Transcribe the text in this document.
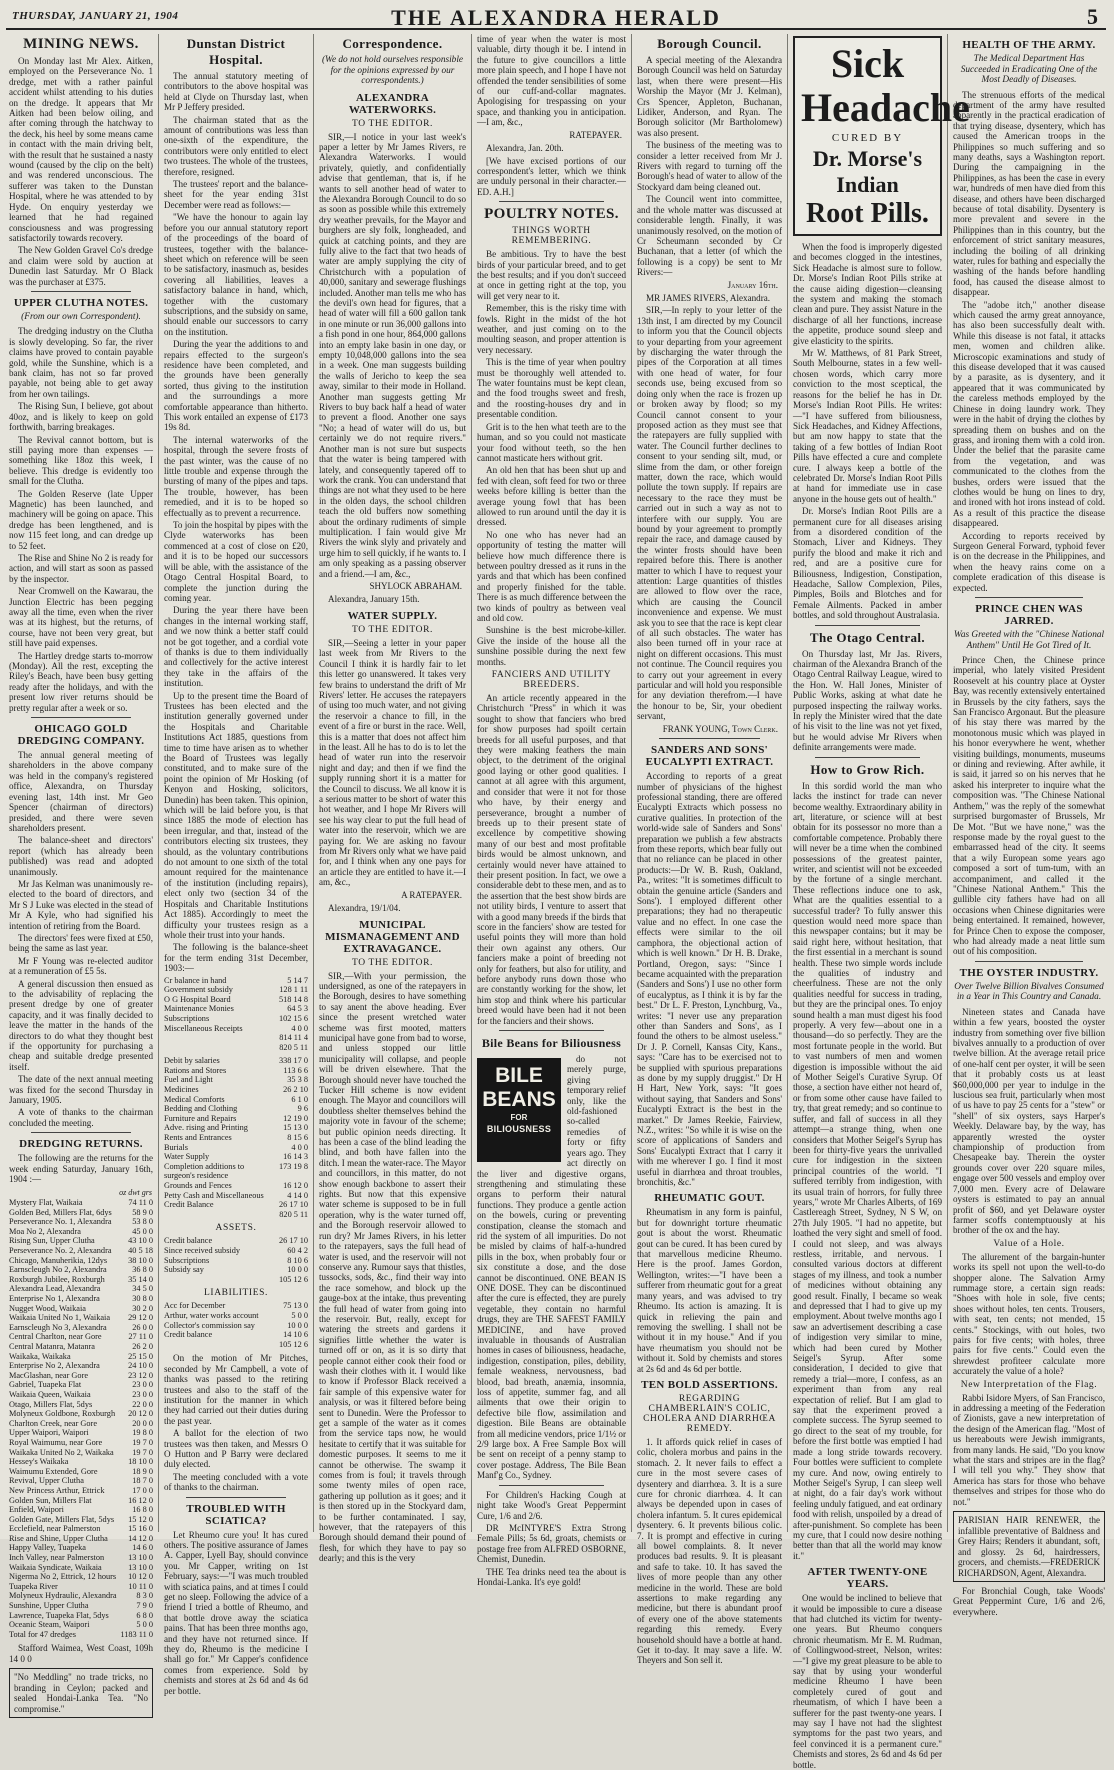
THURSDAY, JANUARY 21, 1904	THE ALEXANDRA HERALD	5
MINING NEWS.

On Monday last Mr Alex. Aitken, employed on the Perseverance No. 1 dredge, met with a rather painful accident whilst attending to his duties on the dredge. It appears that Mr Aitken had been below oiling, and after coming through the hatchway to the deck, his heel by some means came in contact with the main driving belt, with the result that he sustained a nasty wound (caused by the clip on the belt) and was rendered unconscious. The sufferer was taken to the Dunstan Hospital, where he was attended to by Hyde. On enquiry yesterday we learned that he had regained consciousness and was progressing satisfactorily towards recovery.

The New Golden Gravel Co's dredge and claim were sold by auction at Dunedin last Saturday. Mr O Black was the purchaser at £375.

UPPER CLUTHA NOTES.

(From our own Correspondent).

The dredging industry on the Clutha is slowly developing. So far, the river claims have proved to contain payable gold, while the Sunshine, which is a bank claim, has not so far proved payable, not being able to get away from her own tailings.

The Rising Sun, I believe, got about 40oz, and is likely to keep on gold forthwith, barring breakages.

The Revival cannot bottom, but is still paying more than expenses — something like 18oz this week, I believe. This dredge is evidently too small for the Clutha.

The Golden Reserve (late Upper Magnetic) has been launched, and machinery will be going on apace. This dredge has been lengthened, and is now 115 feet long, and can dredge up to 52 feet.

The Rise and Shine No 2 is ready for action, and will start as soon as passed by the inspector.

Near Cromwell on the Kawarau, the Junction Electric has been pegging away all the time, even when the river was at its highest, but the returns, of course, have not been very great, but still have paid expenses.

The Hartley dredge starts to-morrow (Monday). All the rest, excepting the Riley's Beach, have been busy getting ready after the holidays, and with the present low river returns should be pretty regular after a week or so.

OHICAGO GOLD DREDGING COMPANY.

The annual general meeting of shareholders in the above company was held in the company's registered office, Alexandra, on Thursday evening last, 14th inst. Mr Geo Spencer (chairman of directors) presided, and there were seven shareholders present.

The balance-sheet and directors' report (which has already been published) was read and adopted unanimously.

Mr Jas Kelman was unanimously re-elected to the board of directors, and Mr S J Luke was elected in the stead of Mr A Kyle, who had signified his intention of retiring from the Board.

The directors' fees were fixed at £50, being the same as last year.

Mr F Young was re-elected auditor at a remuneration of £5 5s.

A general discussion then ensued as to the advisability of replacing the present dredge by one of greater capacity, and it was finally decided to leave the matter in the hands of the directors to do what they thought best if the opportunity for purchasing a cheap and suitable dredge presented itself.

The date of the next annual meeting was fixed for the second Thursday in January, 1905.

A vote of thanks to the chairman concluded the meeting.

DREDGING RETURNS.

The following are the returns for the week ending Saturday, January 16th, 1904 :—

	oz dwt grs
Mystery Flat, Waikaia	74 11 0
Golden Bed, Millers Flat, 6dys	58 9 0
Perseverance No. 1, Alexandra	53 8 0
Moa No 2, Alexandra	45 0 0
Rising Sun, Upper Clutha	43 10 0
Perseverance No. 2, Alexandra	40 5 18
Chicago, Manuherikia, 12dys	38 10 0
Earnscleugh No 2, Alexandra	36 8 0
Roxburgh Jubilee, Roxburgh	35 14 0
Alexandra Lead, Alexandra	34 5 0
Enterprise No 1, Alexandra	30 8 0
Nugget Wood, Waikaia	30 2 0
Waikaia United No 1, Waikaia	29 12 0
Earnscleugh No 3, Alexandra	26 0 0
Central Charlton, near Gore	27 11 0
Central Matanra, Matanra	26 2 0
Waikaka, Waikaka	25 15 0
Enterprise No 2, Alexandra	24 10 0
MacGlashan, near Gore	23 12 0
Gabriel, Tuapeka Flat	23 0 0
Waikaia Queen, Waikaia	23 0 0
Otago, Millers Flat, 5dys	22 0 0
Molyneux Goldbone, Roxburgh	20 12 0
Charlton Creek, near Gore	20 0 0
Upper Waipori, Waipori	19 8 0
Royal Waimumu, near Gore	19 7 0
Waikaka United No 2, Waikaka	19 7 0
Hessey's Waikaka	18 10 0
Waimumu Extended, Gore	18 9 0
Revival, Upper Clutha	18 7 0
New Princess Arthur, Ettrick	17 0 0
Golden Sun, Millers Flat	16 12 0
Enfield, Waipori	16 8 0
Golden Gate, Millers Flat, 5dys	15 12 0
Ecclefield, near Palmerston	15 16 0
Rise and Shine, Upper Clutha	14 12 0
Happy Valley, Tuapeka	14 6 0
Inch Valley, near Palmerston	13 10 0
Waikaia Syndicate, Waikaia	13 10 0
Nigerma No 2, Ettrick, 12 hours	10 12 0
Tuapeka River	10 11 0
Molyneux Hydraulic, Alexandra	8 3 0
Sunshine, Upper Clutha	7 9 0
Lawrence, Tuapeka Flat, 5dys	6 8 0
Oceanic Steam, Waipori	5 0 0
Total for 47 dredges	1183 11 0

Stafford Waimea, West Coast, 109h 14 0 0

"No Meddling" no trade tricks, no branding in Ceylon; packed and sealed Hondai-Lanka Tea. "No compromise."

Dunstan District Hospital.

The annual statutory meeting of contributors to the above hospital was held at Clyde on Thursday last, when Mr P Jeffery presided.

The chairman stated that as the amount of contributions was less than one-sixth of the expenditure, the contributors were only entitled to elect two trustees. The whole of the trustees, therefore, resigned.

The trustees' report and the balance-sheet for the year ending 31st December were read as follows:—

"We have the honour to again lay before you our annual statutory report of the proceedings of the board of trustees, together with the balance-sheet which on reference will be seen to be satisfactory, inasmuch as, besides covering all liabilities, leaves a satisfactory balance in hand, which, together with the customary subscriptions, and the subsidy on same, should enable our successors to carry on the institution.

During the year the additions to and repairs effected to the surgeon's residence have been completed, and the grounds have been generally sorted, thus giving to the institution and the surroundings a more comfortable appearance than hitherto. This work entailed an expense of £173 19s 8d.

The internal waterworks of the hospital, through the severe frosts of the past winter, was the cause of no little trouble and expense through the bursting of many of the pipes and taps. The trouble, however, has been remedied, and it is to be hoped so effectually as to prevent a recurrence.

To join the hospital by pipes with the Clyde waterworks has been commenced at a cost of close on £20, and it is to be hoped our successors will be able, with the assistance of the Otago Central Hospital Board, to complete the junction during the coming year.

During the year there have been changes in the internal working staff, and we now think a better staff could not be got together, and a cordial vote of thanks is due to them individually and collectively for the active interest they take in the affairs of the institution.

Up to the present time the Board of Trustees has been elected and the institution generally governed under the Hospitals and Charitable Institutions Act 1885, questions from time to time have arisen as to whether the Board of Trustees was legally constituted, and to make sure of the point the opinion of Mr Hosking (of Kenyon and Hosking, solicitors, Dunedin) has been taken. This opinion, which will be laid before you, is that since 1885 the mode of election has been irregular, and that, instead of the contributors electing six trustees, they should, as the voluntary contributions do not amount to one sixth of the total amount required for the maintenance of the institution (including repairs), elect only two (section 34 of the Hospitals and Charitable Institutions Act 1885). Accordingly to meet the difficulty your trustees resign as a whole their trust into your hands.

The following is the balance-sheet for the term ending 31st December, 1903:—

Cr balance in hand	5 14 7
Government subsidy	128 1 11
O G Hospital Board	518 14 8
Maintenance Monies	64 5 3
Subscriptions	102 15 6
Miscellaneous Receipts	4 0 0
	814 11 4
	820 5 11
Debit by salaries	338 17 0
Rations and Stores	113 6 6
Fuel and Light	35 3 8
Medicines	26 2 10
Medical Comforts	6 1 0
Bedding and Clothing	9 6
Furniture and Repairs	12 19 0
Adve. rising and Printing	15 13 0
Rents and Entrances	8 15 6
Burials	4 0 0
Water Supply	16 14 3
Completion additions to surgeon's residence	173 19 8
Grounds and Fences	16 12 0
Petty Cash and Miscellaneous	4 14 0
Credit Balance	26 17 10
	820 5 11
ASSETS.
Credit balance	26 17 10
Since received subsidy	60 4 2
Subscriptions	8 10 6
Subsidy say	10 0 0
	105 12 6
LIABILITIES.
Acc for December	75 13 0
Arthur, water works account	5 0 0
Collector's commission say	10 0 0
Credit balance	14 10 6
	105 12 6

On the motion of Mr Pitches, seconded by Mr Campbell, a vote of thanks was passed to the retiring trustees and also to the staff of the institution for the manner in which they had carried out their duties during the past year.

A ballot for the election of two trustees was then taken, and Messrs O O Hutton and P Barry were declared duly elected.

The meeting concluded with a vote of thanks to the chairman.

TROUBLED WITH SCIATICA?

Let Rheumo cure you! It has cured others. The positive assurance of James A. Capper, Lyell Bay, should convince you. Mr Capper, writing on 1st February, says:—"I was much troubled with sciatica pains, and at times I could get no sleep. Following the advice of a friend I tried a bottle of Rheumo, and that bottle drove away the sciatica pains. That has been three months ago, and they have not returned since. If they do, Rheumo is the medicine I shall go for." Mr Capper's confidence comes from experience. Sold by chemists and stores at 2s 6d and 4s 6d per bottle.

Correspondence.

(We do not hold ourselves responsible for the opinions expressed by our correspondents.)

ALEXANDRA WATERWORKS.
TO THE EDITOR.

SIR,—I notice in your last week's paper a letter by Mr James Rivers, re Alexandra Waterworks. I would privately, quietly, and confidentially advise that gentleman, that is, if he wants to sell another head of water to the Alexandra Borough Council to do so as soon as possible while this extremely dry weather prevails, for the Mayor and burghers are sly folk, longheaded, and quick at catching points, and they are fully alive to the fact that two heads of water are amply supplying the city of Christchurch with a population of 40,000, sanitary and sewerage flushings included. Another man tells me who has the devil's own head for figures, that a head of water will fill a 600 gallon tank in one minute or run 36,000 gallons into a fish pond in one hour, 864,000 gallons into an empty lake basin in one day, or empty 10,048,000 gallons into the sea in a week. One man suggests building the walls of Jericho to keep the sea away, similar to their mode in Holland. Another man suggests getting Mr Rivers to buy back half a head of water to prevent a flood. Another one says "No; a head of water will do us, but certainly we do not require rivers." Another man is not sure but suspects that the water is being tampered with lately, and consequently tapered off to work the crank. You can understand that things are not what they used to be here in the olden days, the school children teach the old buffers now something about the ordinary rudiments of simple multiplication. I fain would give Mr Rivers the wink slyly and privately and urge him to sell quickly, if he wants to. I am only speaking as a passing observer and a friend.—I am, &c.,

SHYLOCK ABRAHAM.

Alexandra, January 15th.

WATER SUPPLY.
TO THE EDITOR.

SIR,—Seeing a letter in your paper last week from Mr Rivers to the Council I think it is hardly fair to let this letter go unanswered. It takes very few brains to understand the drift of Mr Rivers' letter. He accuses the ratepayers of using too much water, and not giving the reservoir a chance to fill, in the event of a fire or burst in the race. Well, this is a matter that does not affect him in the least. All he has to do is to let the head of water run into the reservoir night and day; and then if we find the supply running short it is a matter for the Council to discuss. We all know it is a serious matter to be short of water this hot weather, and I hope Mr Rivers will see his way clear to put the full head of water into the reservoir, which we are paying for. We are asking no favour from Mr Rivers only what we have paid for, and I think when any one pays for an article they are entitled to have it.—I am, &c.,

A RATEPAYER.

Alexandra, 19/1/04.

MUNICIPAL MISMANAGEMENT AND EXTRAVAGANCE.
TO THE EDITOR.

SIR,—With your permission, the undersigned, as one of the ratepayers in the Borough, desires to have something to say anent the above heading. Ever since the present wretched water scheme was first mooted, matters municipal have gone from bad to worse, and unless stopped our little municipality will collapse, and people will be driven elsewhere. That the Borough should never have touched the Tucker Hill scheme is now evident enough. The Mayor and councillors will doubtless shelter themselves behind the majority vote in favour of the scheme; but public opinion needs directing. It has been a case of the blind leading the blind, and both have fallen into the ditch. I mean the water-race. The Mayor and councillors, in this matter, do not show enough backbone to assert their rights. But now that this expensive water scheme is supposed to be in full operation, why is the water turned off, and the Borough reservoir allowed to run dry? Mr James Rivers, in his letter to the ratepayers, says the full head of water is used, and the reservoir will not conserve any. Rumour says that thistles, tussocks, sods, &c., find their way into the race somehow, and block up the gauge-box at the intake, thus preventing the full head of water from going into the reservoir. But, really, except for watering the streets and gardens it signifies little whether the water is turned off or on, as it is so dirty that people cannot either cook their food or wash their clothes with it. I would like to know if Professor Black received a fair sample of this expensive water for analysis, or was it filtered before being sent to Dunedin. Were the Professor to get a sample of the water as it comes from the service taps now, he would hesitate to certify that it was suitable for domestic purposes. It seems to me it cannot be otherwise. The swamp it comes from is foul; it travels through some twenty miles of open race, gathering up pollution as it goes; and it is then stored up in the Stockyard dam, to be further contaminated. I say, however, that the ratepayers of this Borough should demand their pound of flesh, for which they have to pay so dearly; and this is the very

time of year when the water is most valuable, dirty though it be. I intend in the future to give councillors a little more plain speech, and I hope I have not offended the tender sensibilities of some of our cuff-and-collar magnates. Apologising for trespassing on your space, and thanking you in anticipation.—I am, &c.,

RATEPAYER.

Alexandra, Jan. 20th.

[We have excised portions of our correspondent's letter, which we think are unduly personal in their character.—ED. A.H.]

POULTRY NOTES.
THINGS WORTH REMEMBERING.

Be ambitious. Try to have the best birds of your particular breed, and to get the best results; and if you don't succeed at once in getting right at the top, you will get very near to it.

Remember, this is the risky time with fowls. Right in the midst of the hot weather, and just coming on to the moulting season, and proper attention is very necessary.

This is the time of year when poultry must be thoroughly well attended to. The water fountains must be kept clean, and the food troughs sweet and fresh, and the roosting-houses dry and in presentable condition.

Grit is to the hen what teeth are to the human, and so you could not masticate your food without teeth, so the hen cannot masticate hers without grit.

An old hen that has been shut up and fed with clean, soft feed for two or three weeks before killing is better than the average young fowl that has been allowed to run around until the day it is dressed.

No one who has never had an opportunity of testing the matter will believe how much difference there is between poultry dressed as it runs in the yards and that which has been confined and properly finished for the table. There is as much difference between the two kinds of poultry as between veal and old cow.

Sunshine is the best microbe-killer. Give the inside of the house all the sunshine possible during the next few months.

FANCIERS AND UTILITY BREEDERS.

An article recently appeared in the Christchurch "Press" in which it was sought to show that fanciers who bred for show purposes had spoilt certain breeds for all useful purposes, and that they were making feathers the main object, to the detriment of the original good laying or other good qualities. I cannot at all agree with this argument, and consider that were it not for those who have, by their energy and perseverance, brought a number of breeds up to their present state of excellence by competitive showing many of our best and most profitable birds would be almost unknown, and certainly would never have attained to their present position. In fact, we owe a considerable debt to these men, and as to the assertion that the best show birds are not utility birds, I venture to assert that with a good many breeds if the birds that score in the fanciers' show are tested for useful points they will more than hold their own against any others. Our fanciers make a point of breeding not only for feathers, but also for utility, and before anybody runs down those who are constantly working for the show, let him stop and think where his particular breed would have been had it not been for the fanciers and their shows.

Bile Beans for Biliousness
BILE
BEANS
FOR
BILIOUSNESS

do not merely purge, giving temporary relief only, like the old-fashioned so-called remedies of forty or fifty years ago. They act directly on the liver and digestive organs, strengthening and stimulating these organs to perform their natural functions. They produce a gentle action on the bowels, curing or preventing constipation, cleanse the stomach and rid the system of all impurities. Do not be misled by claims of half-a-hundred pills in the box, when probably four or six constitute a dose, and the dose cannot be discontinued. ONE BEAN IS ONE DOSE. They can be discontinued after the cure is effected, they are purely vegetable, they contain no harmful drugs, they are THE SAFEST FAMILY MEDICINE, and have proved invaluable in thousands of Australian homes in cases of biliousness, headache, indigestion, constipation, piles, debility, female weakness, nervousness, bad blood, bad breath, anæmia, insomnia, loss of appetite, summer fag, and all ailments that owe their origin to defective bile flow, assimilation and digestion. Bile Beans are obtainable from all medicine vendors, price 1/1½ or 2/9 large box. A Free Sample Box will be sent on receipt of a penny stamp to cover postage. Address, The Bile Bean Manf'g Co., Sydney.

For Children's Hacking Cough at night take Wood's Great Peppermint Cure, 1/6 and 2/6.

DR McINTYRE'S Extra Strong Female Pills; 5s 6d, groats, chemists or postage free from ALFRED OSBORNE, Chemist, Dunedin.

THE Tea drinks need tea the about is Hondai-Lanka. It's eye gold!

Borough Council.

A special meeting of the Alexandra Borough Council was held on Saturday last, when there were present—His Worship the Mayor (Mr J. Kelman), Crs Spencer, Appleton, Buchanan, Lidiker, Anderson, and Ryan. The Borough solicitor (Mr Bartholomew) was also present.

The business of the meeting was to consider a letter received from Mr J. Rivers with regard to turning off the Borough's head of water to allow of the Stockyard dam being cleaned out.

The Council went into committee, and the whole matter was discussed at considerable length. Finally, it was unanimously resolved, on the motion of Cr Scheumann seconded by Cr Buchanan, that a letter (of which the following is a copy) be sent to Mr Rivers:—

January 16th.

MR JAMES RIVERS, Alexandra.

SIR,—In reply to your letter of the 13th inst, I am directed by my Council to inform you that the Council objects to your departing from your agreement by discharging the water through the pipes of the Corporation at all times with one head of water, for four seconds use, being excused from so doing only when the race is frozen up or broken away by flood; so my Council cannot consent to your proposed action as they must see that the ratepayers are fully supplied with water. The Council further declines to consent to your sending silt, mud, or slime from the dam, or other foreign matter, down the race, which would pollute the town supply. If repairs are necessary to the race they must be carried out in such a way as not to interfere with our supply. You are bound by your agreement to promptly repair the race, and damage caused by the winter frosts should have been repaired before this. There is another matter to which I have to request your attention: Large quantities of thistles are allowed to flow over the race, which are causing the Council inconvenience and expense. We must ask you to see that the race is kept clear of all such obstacles. The water has also been turned off in your race at night on different occasions. This must not continue. The Council requires you to carry out your agreement in every particular and will hold you responsible for any deviation therefrom.—I have the honour to be, Sir, your obedient servant,

FRANK YOUNG, Town Clerk.

SANDERS AND SONS' EUCALYPTI EXTRACT.

According to reports of a great number of physicians of the highest professional standing, there are offered Eucalypti Extracts which possess no curative qualities. In protection of the world-wide sale of Sanders and Sons' preparation we publish a few abstracts from these reports, which bear fully out that no reliance can be placed in other products:—Dr W. B. Rush, Oakland, Pa., writes: "It is sometimes difficult to obtain the genuine article (Sanders and Sons'). I employed different other preparations; they had no therapeutic value and no effect. In one case the effects were similar to the oil camphora, the objectional action of which is well known." Dr H. B. Drake, Portland, Oregon, says: "Since I became acquainted with the preparation (Sanders and Sons') I use no other form of eucalyptus, as I think it is by far the best." Dr L. F. Preston, Lynchburg, Va., writes: "I never use any preparation other than Sanders and Sons', as I found the others to be almost useless." Dr J. P. Cornell, Kansas City, Kans., says: "Care has to be exercised not to be supplied with spurious preparations as done by my supply druggist." Dr H H Hart, New York, says: "It goes without saying, that Sanders and Sons' Eucalypti Extract is the best in the market." Dr James Reekie, Fairview, N.Z., writes: "So while it is wise on the score of applications of Sanders and Sons' Eucalypti Extract that I carry it with me wherever I go. I find it most useful in diarrhœa and throat troubles, bronchitis, &c."

RHEUMATIC GOUT.

Rheumatism in any form is painful, but for downright torture rheumatic gout is about the worst. Rheumatic gout can be cured. It has been cured by that marvellous medicine Rheumo. Here is the proof. James Gordon, Wellington, writes:—"I have been a sufferer from rheumatic gout for a great many years, and was advised to try Rheumo. Its action is amazing. It is quick in relieving the pain and removing the swelling. I shall not be without it in my house." And if you have rheumatism you should not be without it. Sold by chemists and stores at 2s 6d and 4s 6d per bottle.

TEN BOLD ASSERTIONS.
REGARDING CHAMBERLAIN'S COLIC, CHOLERA AND DIARRHŒA REMEDY.

1. It affords quick relief in cases of colic, cholera morbus and pains in the stomach. 2. It never fails to effect a cure in the most severe cases of dysentery and diarrhœa. 3. It is a sure cure for chronic diarrhœa. 4. It can always be depended upon in cases of cholera infantum. 5. It cures epidemical dysentery. 6. It prevents bilious colic. 7. It is prompt and effective in curing all bowel complaints. 8. It never produces bad results. 9. It is pleasant and safe to take. 10. It has saved the lives of more people than any other medicine in the world. These are bold assertions to make regarding any medicine, but there is abundant proof of every one of the above statements regarding this remedy. Every household should have a bottle at hand. Get it to-day. It may save a life. W. Theyers and Son sell it.

Sick Headache
CURED BY
Dr. Morse's Indian
Root Pills.

When the food is improperly digested and becomes clogged in the intestines, Sick Headache is almost sure to follow. Dr. Morse's Indian Root Pills strike at the cause aiding digestion—cleansing the system and making the stomach clean and pure. They assist Nature in the discharge of all her functions, increase the appetite, produce sound sleep and give elasticity to the spirits.

Mr W. Matthews, of 81 Park Street, South Melbourne, states in a few well-chosen words, which carry more conviction to the most sceptical, the reasons for the belief he has in Dr. Morse's Indian Root Pills. He writes:—"I have suffered from biliousness, Sick Headaches, and Kidney Affections, but am now happy to state that the taking of a few bottles of Indian Root Pills have effected a cure and complete cure. I always keep a bottle of the celebrated Dr. Morse's Indian Root Pills at hand for immediate use in case anyone in the house gets out of health."

Dr. Morse's Indian Root Pills are a permanent cure for all diseases arising from a disordered condition of the Stomach, Liver and Kidneys. They purify the blood and make it rich and red, and are a positive cure for Biliousness, Indigestion, Constipation, Headache, Sallow Complexion, Piles, Pimples, Boils and Blotches and for Female Ailments. Packed in amber bottles, and sold throughout Australasia.

The Otago Central.

On Thursday last, Mr Jas. Rivers, chairman of the Alexandra Branch of the Otago Central Railway League, wired to the Hon. W. Hall Jones, Minister of Public Works, asking at what date he purposed inspecting the railway works. In reply the Minister wired that the date of his visit to the line was not yet fixed, but he would advise Mr Rivers when definite arrangements were made.

How to Grow Rich.

In this sordid world the man who lacks the instinct for trade can never become wealthy. Extraordinary ability in art, literature, or science will at best obtain for its possessor no more than a comfortable competence. Probably there will never be a time when the combined possessions of the greatest painter, writer, and scientist will not be exceeded by the fortune of a single merchant. These reflections induce one to ask, What are the qualities essential to a successful trader? To fully answer this question would need more space than this newspaper contains; but it may be said right here, without hesitation, that the first essential in a merchant is sound health. These two simple words include the qualities of industry and cheerfulness. These are not the only qualities needful for success in trading, but they are the principal ones. To enjoy sound health a man must digest his food properly. A very few—about one in a thousand—do so perfectly. They are the most fortunate people in the world. But to vast numbers of men and women digestion is impossible without the aid of Mother Seigel's Curative Syrup. Of those, a section have either not heard of, or from some other cause have failed to try, that great remedy; and so continue to suffer, and fall of success in all they attempt—a strange thing, when one considers that Mother Seigel's Syrup has been for thirty-five years the unrivalled cure for indigestion in the sixteen principal countries of the world. "I suffered terribly from indigestion, with its usual train of horrors, for fully three years," wrote Mr Charles Alberts, of 169 Castlereagh Street, Sydney, N S W, on 27th July 1905. "I had no appetite, but loathed the very sight and smell of food. I could not sleep, and was always restless, irritable, and nervous. I consulted various doctors at different stages of my illness, and took a number of medicines without obtaining any good result. Finally, I became so weak and depressed that I had to give up my employment. About twelve months ago I saw an advertisement describing a case of indigestion very similar to mine, which had been cured by Mother Seigel's Syrup. After some consideration, I decided to give that remedy a trial—more, I confess, as an experiment than from any real expectation of relief. But I am glad to say that the experiment proved a complete success. The Syrup seemed to go direct to the seat of my trouble, for before the first bottle was emptied I had made a long stride towards recovery. Four bottles were sufficient to complete my cure. And now, owing entirely to Mother Seigel's Syrup, I can sleep well at night, do a fair day's work without feeling unduly fatigued, and eat ordinary food with relish, unspoiled by a dread of after-punishment. So complete has been my cure, that I could now desire nothing better than that all the world may know it."

AFTER TWENTY-ONE YEARS.

One would be inclined to believe that it would be impossible to cure a disease that had clutched its victim for twenty-one years. But Rheumo conquers chronic rheumatism. Mr E. M. Rudman, of Collingwood-street, Nelson, writes:—"I give my great pleasure to be able to say that by using your wonderful medicine Rheumo I have been completely cured of gout and rheumatism, of which I have been a sufferer for the past twenty-one years. I may say I have not had the slightest symptoms for the past two years, and feel convinced it is a permanent cure." Chemists and stores, 2s 6d and 4s 6d per bottle.

HEALTH OF THE ARMY.

The Medical Department Has Succeeded in Eradicating One of the Most Deadly of Diseases.

The strenuous efforts of the medical department of the army have resulted apparently in the practical eradication of that trying disease, dysentery, which has caused the American troops in the Philippines so much suffering and so many deaths, says a Washington report. During the campaigning in the Philippines, as has been the case in every war, hundreds of men have died from this disease, and others have been discharged because of total disability. Dysentery is more prevalent and severe in the Philippines than in this country, but the enforcement of strict sanitary measures, including the boiling of all drinking water, rules for bathing and especially the washing of the hands before handling food, has caused the disease almost to disappear.

The "adobe itch," another disease which caused the army great annoyance, has also been successfully dealt with. While this disease is not fatal, it attacks men, women and children alike. Microscopic examinations and study of this disease developed that it was caused by a parasite, as is dysentery, and it appeared that it was communicated by the careless methods employed by the Chinese in doing laundry work. They were in the habit of drying the clothes by spreading them on bushes and on the grass, and ironing them with a cold iron. Under the belief that the parasite came from the vegetation, and was communicated to the clothes from the bushes, orders were issued that the clothes would be hung on lines to dry, and ironed with hot irons instead of cold. As a result of this practice the disease disappeared.

According to reports received by Surgeon General Forward, typhoid fever is on the decrease in the Philippines, and when the heavy rains come on a complete eradication of this disease is expected.

PRINCE CHEN WAS JARRED.

Was Greeted with the "Chinese National Anthem" Until He Got Tired of It.

Prince Chen, the Chinese prince imperial, who lately visited President Roosevelt at his country place at Oyster Bay, was recently extensively entertained in Brussels by the city fathers, says the San Francisco Argonaut. But the pleasure of his stay there was marred by the monotonous music which was played in his honor everywhere he went, whether visiting buildings, monuments, museums or dining and reviewing. After awhile, it is said, it jarred so on his nerves that he asked his interpreter to inquire what the composition was. "The Chinese National Anthem," was the reply of the somewhat surprised burgomaster of Brussels, Mr De Mot. "But we have none," was the response made by the royal guest to the embarrassed head of the city. It seems that a wily European some years ago composed a sort of tum-tum, with an accompaniment, and called it the "Chinese National Anthem." This the gullible city fathers have had on all occasions when Chinese dignitaries were being entertained. It remained, however, for Prince Chen to expose the composer, who had already made a neat little sum out of his composition.

THE OYSTER INDUSTRY.

Over Twelve Billion Bivalves Consumed in a Year in This Country and Canada.

Nineteen states and Canada have within a few years, boosted the oyster industry from something over five billion bivalves annually to a production of over twelve billion. At the average retail price of one-half cent per oyster, it will be seen that it probably costs us at least $60,000,000 per year to indulge in the luscious sea fruit, particularly when most of us have to pay 25 cents for a "stew" or "shell" of six oysters, says Harper's Weekly. Delaware bay, by the way, has apparently wrested the oyster championship of production from Chesapeake bay. Therein the oyster grounds cover over 220 square miles, engage over 500 vessels and employ over 7,000 men. Every acre of Delaware oysters is estimated to pay an annual profit of $60, and yet Delaware oyster farmer scoffs contemptuously at his brother of the ox and the hay.

Value of a Hole.

The allurement of the bargain-hunter works its spell not upon the well-to-do shopper alone. The Salvation Army rummage store, a certain sign reads: "Shoes with hole in sole, five cents; shoes without holes, ten cents. Trousers, with seat, ten cents; not mended, 15 cents." Stockings, with out holes, two pairs for five cents; with holes, three pairs for five cents." Could even the shrewdest profiteer calculate more accurately the value of a hole?

New Interpretation of the Flag.

Rabbi Isidore Myers, of San Francisco, in addressing a meeting of the Federation of Zionists, gave a new interpretation of the design of the American flag. "Most of us hereabouts were Jewish immigrants, from many lands. He said, "Do you know what the stars and stripes are in the flag? I will tell you why." They show that America has stars for those who behave themselves and stripes for those who do not."

PARISIAN HAIR RENEWER, the infallible preventative of Baldness and Grey Hairs; Renders it abundant, soft, and glossy. 2s 6d, hairdressers, grocers, and chemists.—FREDERICK RICHARDSON, Agent, Alexandra.

For Bronchial Cough, take Woods' Great Peppermint Cure, 1/6 and 2/6, everywhere.
